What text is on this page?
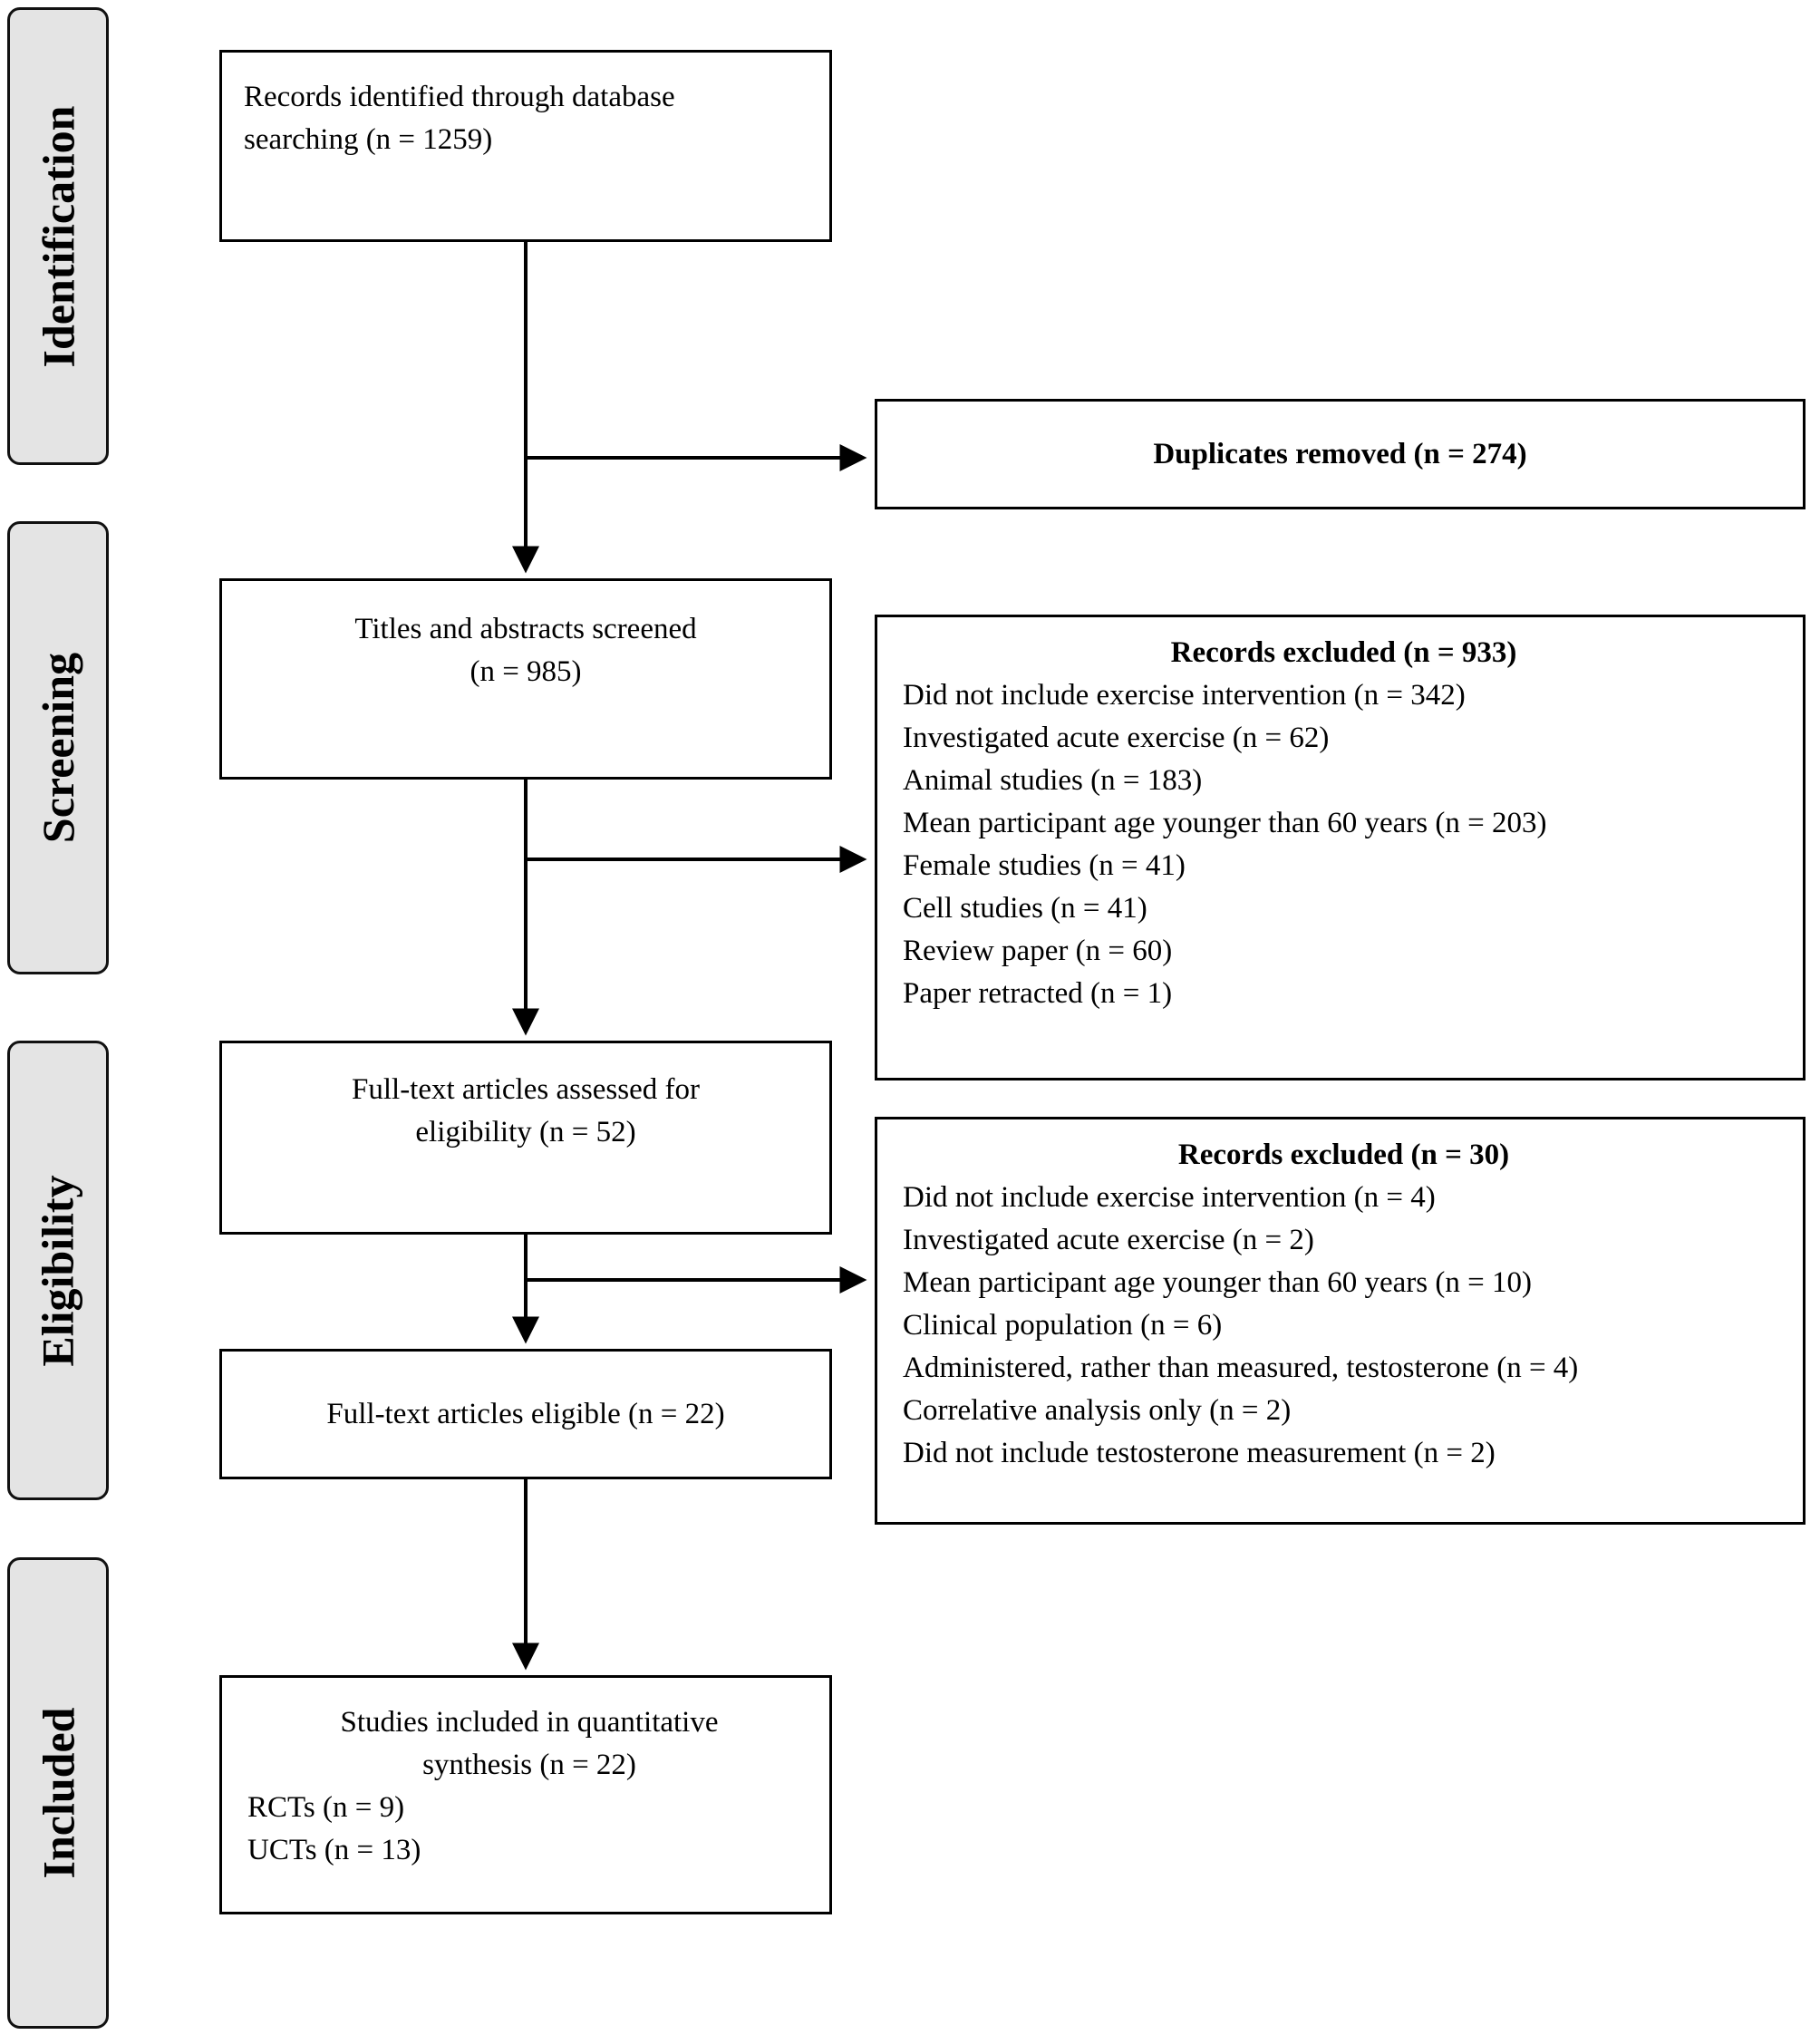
Identification
Screening
Eligibility
Included
Records identified through database
searching (n = 1259)
Duplicates removed (n = 274)
Titles and abstracts screened
(n = 985)
Records excluded (n = 933)
Did not include exercise intervention (n = 342)
Investigated acute exercise (n = 62)
Animal studies (n = 183)
Mean participant age younger than 60 years (n = 203)
Female studies (n = 41)
Cell studies (n = 41)
Review paper (n = 60)
Paper retracted (n = 1)
Full-text articles assessed for
eligibility (n = 52)
Records excluded (n = 30)
Did not include exercise intervention (n = 4)
Investigated acute exercise (n = 2)
Mean participant age younger than 60 years (n = 10)
Clinical population (n = 6)
Administered, rather than measured, testosterone (n = 4)
Correlative analysis only (n = 2)
Did not include testosterone measurement (n = 2)
Full-text articles eligible (n = 22)
Studies included in quantitative
synthesis (n = 22)
RCTs (n = 9)
UCTs (n = 13)
